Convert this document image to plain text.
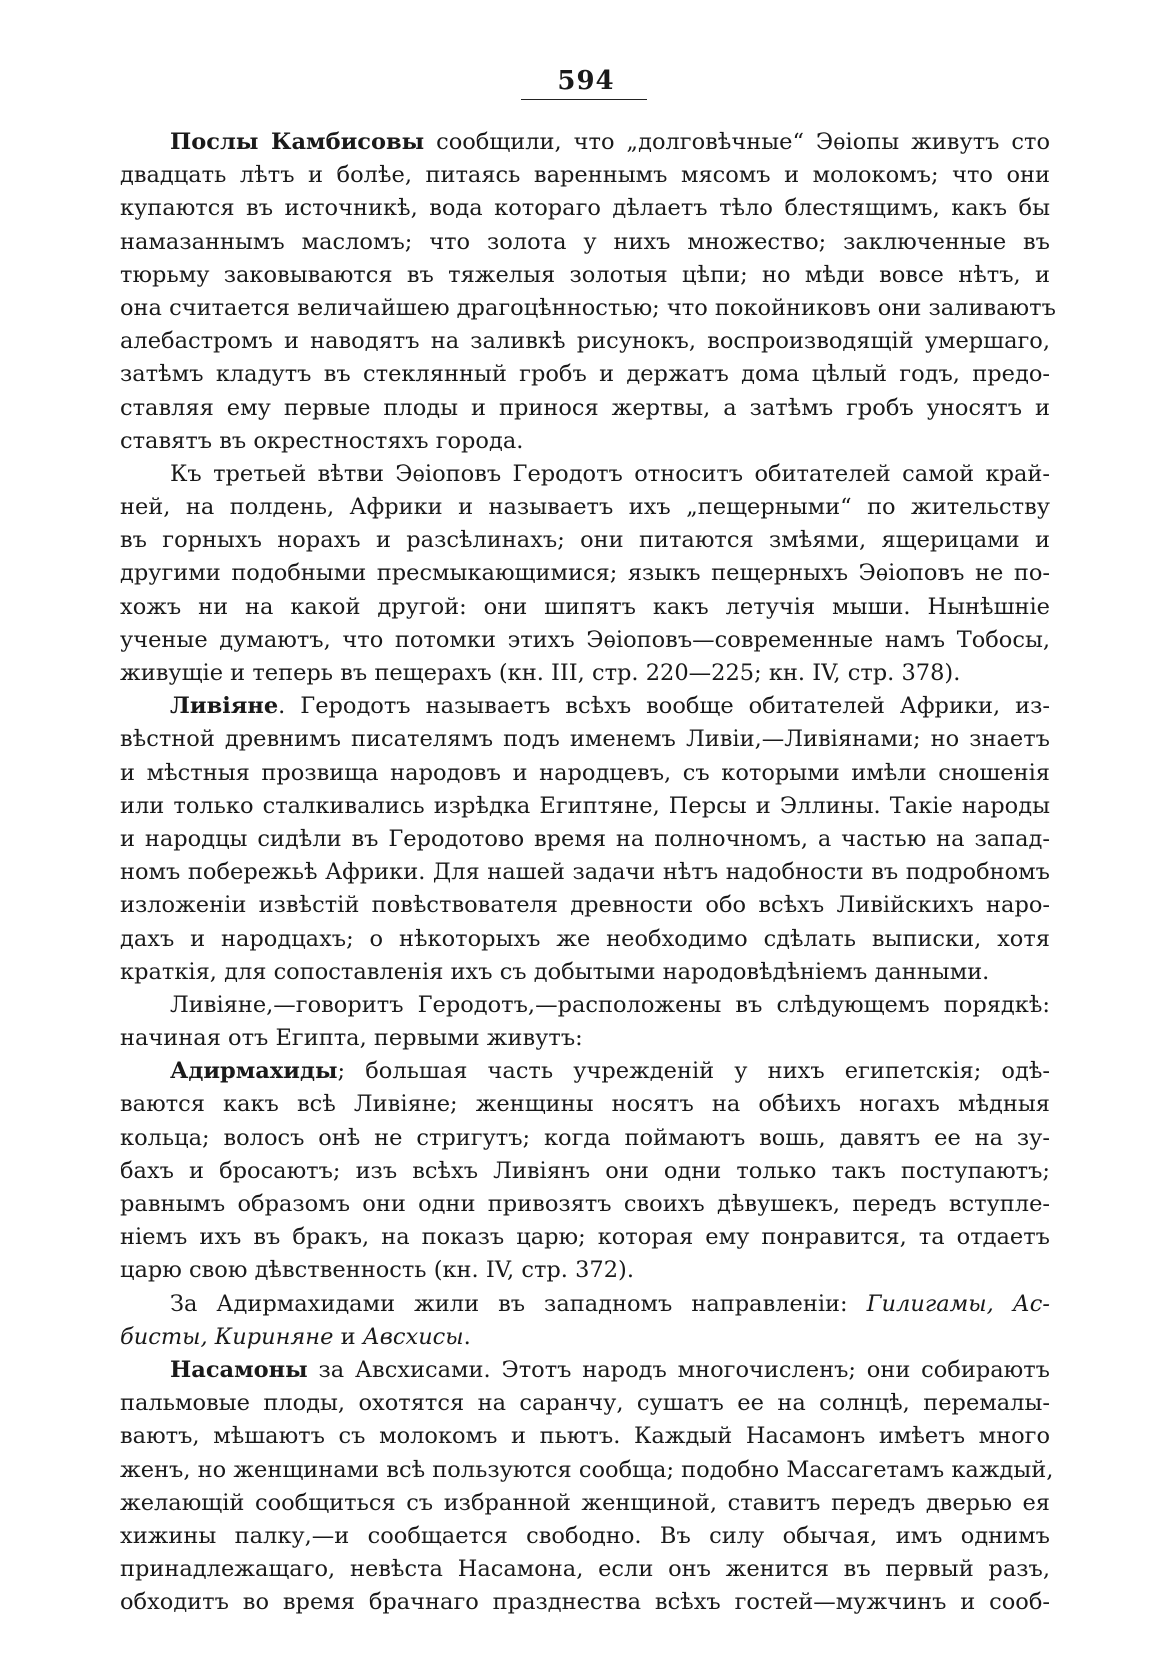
594
Послы Камбисовы сообщили, что „долговѣчные“ Эѳіопы живутъ сто
двадцать лѣтъ и болѣе, питаясь вареннымъ мясомъ и молокомъ; что они
купаются въ источникѣ, вода котораго дѣлаетъ тѣло блестящимъ, какъ бы
намазаннымъ масломъ; что золота у нихъ множество; заключенные въ
тюрьму заковываются въ тяжелыя золотыя цѣпи; но мѣди вовсе нѣтъ, и
она считается величайшею драгоцѣнностью; что покойниковъ они заливаютъ
алебастромъ и наводятъ на заливкѣ рисунокъ, воспроизводящій умершаго,
затѣмъ кладутъ въ стеклянный гробъ и держатъ дома цѣлый годъ, предо-
ставляя ему первые плоды и принося жертвы, а затѣмъ гробъ уносятъ и
ставятъ въ окрестностяхъ города.
Къ третьей вѣтви Эѳіоповъ Геродотъ относитъ обитателей самой край-
ней, на полдень, Африки и называетъ ихъ „пещерными“ по жительству
въ горныхъ норахъ и разсѣлинахъ; они питаются змѣями, ящерицами и
другими подобными пресмыкающимися; языкъ пещерныхъ Эѳіоповъ не по-
хожъ ни на какой другой: они шипятъ какъ летучія мыши. Нынѣшніе
ученые думаютъ, что потомки этихъ Эѳіоповъ—современные намъ Тобосы,
живущіе и теперь въ пещерахъ (кн. III, стр. 220—225; кн. IV, стр. 378).
Ливіяне. Геродотъ называетъ всѣхъ вообще обитателей Африки, из-
вѣстной древнимъ писателямъ подъ именемъ Ливіи,—Ливіянами; но знаетъ
и мѣстныя прозвища народовъ и народцевъ, съ которыми имѣли сношенія
или только сталкивались изрѣдка Египтяне, Персы и Эллины. Такіе народы
и народцы сидѣли въ Геродотово время на полночномъ, а частью на запад-
номъ побережьѣ Африки. Для нашей задачи нѣтъ надобности въ подробномъ
изложеніи извѣстій повѣствователя древности обо всѣхъ Ливійскихъ наро-
дахъ и народцахъ; о нѣкоторыхъ же необходимо сдѣлать выписки, хотя
краткія, для сопоставленія ихъ съ добытыми народовѣдѣніемъ данными.
Ливіяне,—говоритъ Геродотъ,—расположены въ слѣдующемъ порядкѣ:
начиная отъ Египта, первыми живутъ:
Адирмахиды; большая часть учрежденій у нихъ египетскія; одѣ-
ваются какъ всѣ Ливіяне; женщины носятъ на обѣихъ ногахъ мѣдныя
кольца; волосъ онѣ не стригутъ; когда поймаютъ вошь, давятъ ее на зу-
бахъ и бросаютъ; изъ всѣхъ Ливіянъ они одни только такъ поступаютъ;
равнымъ образомъ они одни привозятъ своихъ дѣвушекъ, передъ вступле-
ніемъ ихъ въ бракъ, на показъ царю; которая ему понравится, та отдаетъ
царю свою дѣвственность (кн. IV, стр. 372).
За Адирмахидами жили въ западномъ направленіи: Гилигамы, Ас-
бисты, Киринянe и Авсхисы.
Насамоны за Авсхисами. Этотъ народъ многочисленъ; они собираютъ
пальмовые плоды, охотятся на саранчу, сушатъ ее на солнцѣ, перемалы-
ваютъ, мѣшаютъ съ молокомъ и пьютъ. Каждый Насамонъ имѣетъ много
женъ, но женщинами всѣ пользуются сообща; подобно Массагетамъ каждый,
желающій сообщиться съ избранной женщиной, ставитъ передъ дверью ея
хижины палку,—и сообщается свободно. Въ силу обычая, имъ однимъ
принадлежащаго, невѣста Насамона, если онъ женится въ первый разъ,
обходитъ во время брачнаго празднества всѣхъ гостей—мужчинъ и сооб-
